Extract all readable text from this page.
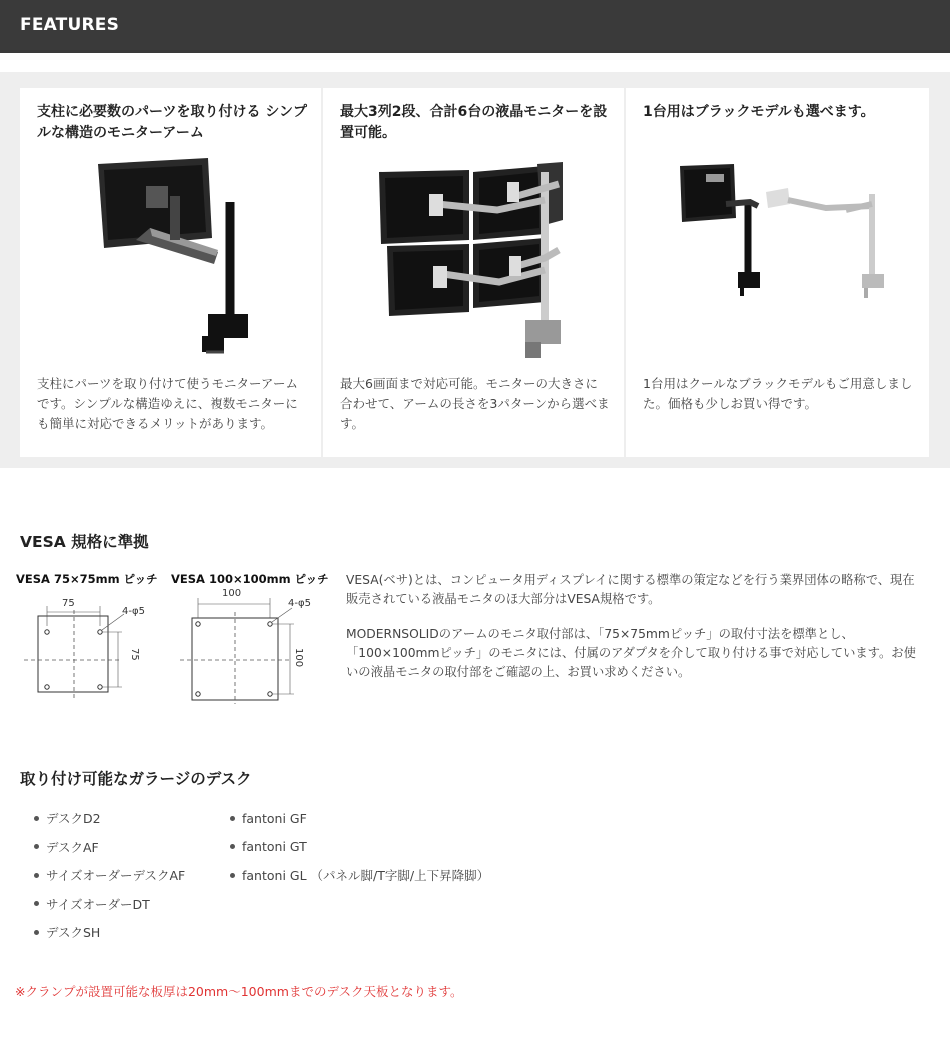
FEATURES
支柱に必要数のパーツを取り付ける シンプルな構造のモニターアーム
支柱にパーツを取り付けて使うモニターアームです。シンプルな構造ゆえに、複数モニターにも簡単に対応できるメリットがあります。
最大3列2段、合計6台の液晶モニターを設置可能。
最大6画面まで対応可能。モニターの大きさに合わせて、アームの長さを3パターンから選べます。
1台用はブラックモデルも選べます。
1台用はクールなブラックモデルもご用意しました。価格も少しお買い得です。
VESA 規格に準拠
VESA 75×75mm ピッチ VESA 100×100mm ピッチ
75
4-φ5
75
100
4-φ5
100
VESA(ベサ)とは、コンピュータ用ディスプレイに関する標準の策定などを行う業界団体の略称で、現在販売されている液晶モニタのほ大部分はVESA規格です。
MODERNSOLIDのアームのモニタ取付部は、「75×75mmピッチ」の取付寸法を標準とし、「100×100mmピッチ」のモニタには、付属のアダプタを介して取り付ける事で対応しています。お使いの液晶モニタの取付部をご確認の上、お買い求めください。
取り付け可能なガラージのデスク
デスクD2
デスクAF
サイズオーダーデスクAF
サイズオーダーDT
デスクSH
fantoni GF
fantoni GT
fantoni GL （パネル脚/T字脚/上下昇降脚）
※クランプが設置可能な板厚は20mm〜100mmまでのデスク天板となります。
